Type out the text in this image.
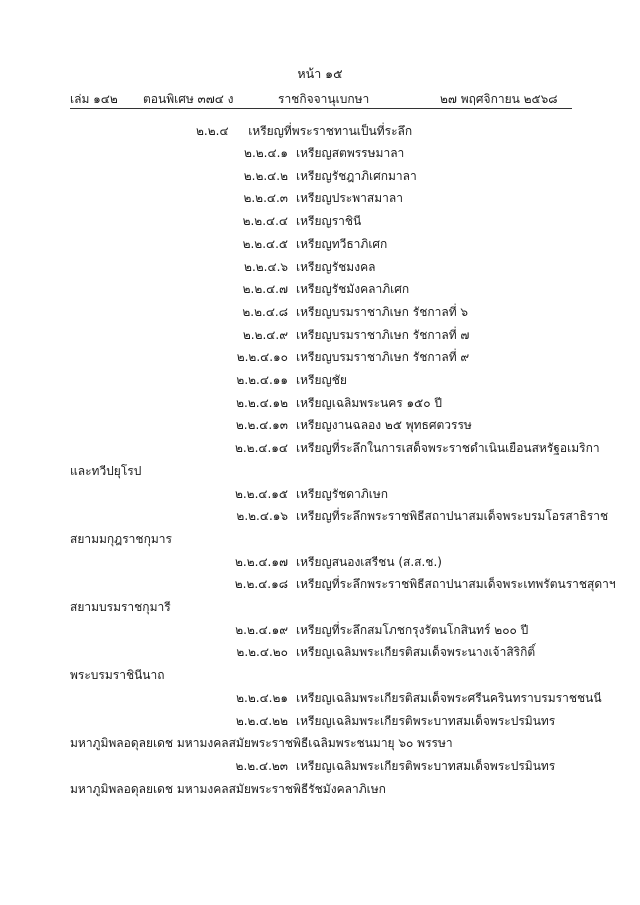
หน้า ๑๕
เล่ม ๑๔๒ ตอนพิเศษ ๓๗๔ ง	ราชกิจจานุเบกษา	๒๗ พฤศจิกายน ๒๕๖๘
๒.๒.๔ เหรียญที่พระราชทานเป็นที่ระลึก
๒.๒.๔.๑ เหรียญสตพรรษมาลา
๒.๒.๔.๒ เหรียญรัชฎาภิเศกมาลา
๒.๒.๔.๓ เหรียญประพาสมาลา
๒.๒.๔.๔ เหรียญราชินี
๒.๒.๔.๕ เหรียญทวีธาภิเศก
๒.๒.๔.๖ เหรียญรัชมงคล
๒.๒.๔.๗ เหรียญรัชมังคลาภิเศก
๒.๒.๔.๘ เหรียญบรมราชาภิเษก รัชกาลที่ ๖
๒.๒.๔.๙ เหรียญบรมราชาภิเษก รัชกาลที่ ๗
๒.๒.๔.๑๐ เหรียญบรมราชาภิเษก รัชกาลที่ ๙
๒.๒.๔.๑๑ เหรียญชัย
๒.๒.๔.๑๒ เหรียญเฉลิมพระนคร ๑๕๐ ปี
๒.๒.๔.๑๓ เหรียญงานฉลอง ๒๕ พุทธศตวรรษ
๒.๒.๔.๑๔ เหรียญที่ระลึกในการเสด็จพระราชดำเนินเยือนสหรัฐอเมริกา
และทวีปยุโรป
๒.๒.๔.๑๕ เหรียญรัชดาภิเษก
๒.๒.๔.๑๖ เหรียญที่ระลึกพระราชพิธีสถาปนาสมเด็จพระบรมโอรสาธิราช
สยามมกุฎราชกุมาร
๒.๒.๔.๑๗ เหรียญสนองเสรีชน (ส.ส.ช.)
๒.๒.๔.๑๘ เหรียญที่ระลึกพระราชพิธีสถาปนาสมเด็จพระเทพรัตนราชสุดาฯ
สยามบรมราชกุมารี
๒.๒.๔.๑๙ เหรียญที่ระลึกสมโภชกรุงรัตนโกสินทร์ ๒๐๐ ปี
๒.๒.๔.๒๐ เหรียญเฉลิมพระเกียรติสมเด็จพระนางเจ้าสิริกิติ์
พระบรมราชินีนาถ
๒.๒.๔.๒๑ เหรียญเฉลิมพระเกียรติสมเด็จพระศรีนครินทราบรมราชชนนี
๒.๒.๔.๒๒ เหรียญเฉลิมพระเกียรติพระบาทสมเด็จพระปรมินทร
มหาภูมิพลอดุลยเดช มหามงคลสมัยพระราชพิธีเฉลิมพระชนมายุ ๖๐ พรรษา
๒.๒.๔.๒๓ เหรียญเฉลิมพระเกียรติพระบาทสมเด็จพระปรมินทร
มหาภูมิพลอดุลยเดช มหามงคลสมัยพระราชพิธีรัชมังคลาภิเษก
